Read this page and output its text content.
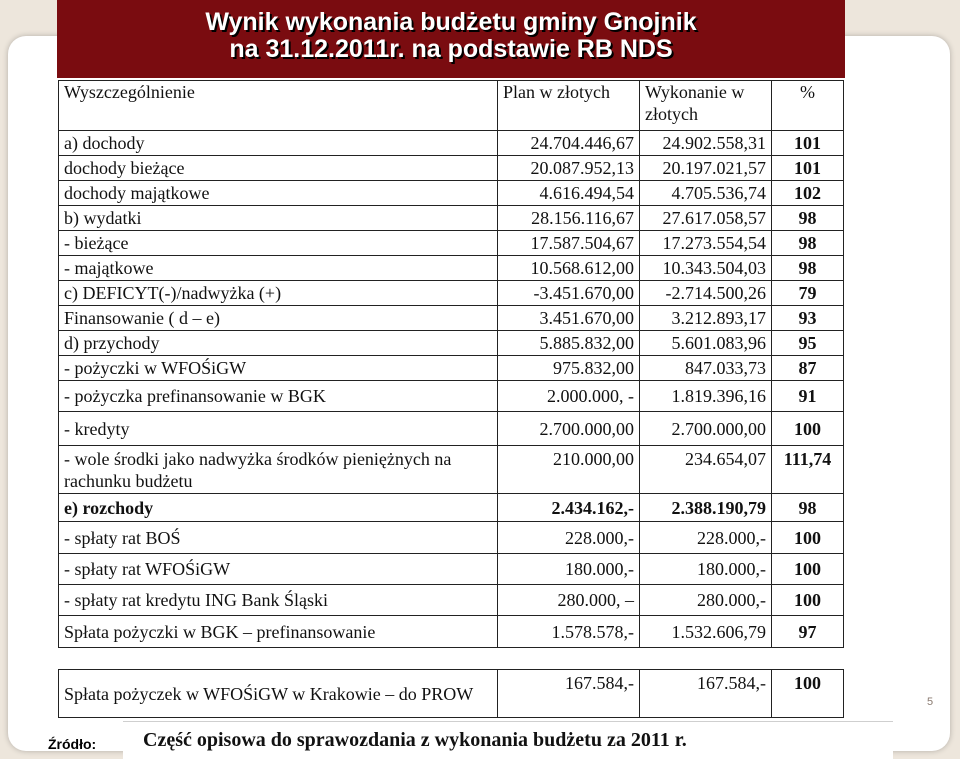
Wynik wykonania budżetu gminy Gnojnik
na 31.12.2011r. na podstawie RB NDS
Wyszczególnienie	Plan w złotych	Wykonanie w złotych	%
a) dochody	24.704.446,67	24.902.558,31	101
dochody bieżące	20.087.952,13	20.197.021,57	101
dochody majątkowe	4.616.494,54	4.705.536,74	102
b) wydatki	28.156.116,67	27.617.058,57	98
- bieżące	17.587.504,67	17.273.554,54	98
- majątkowe	10.568.612,00	10.343.504,03	98
c) DEFICYT(-)/nadwyżka (+)	-3.451.670,00	-2.714.500,26	79
Finansowanie ( d – e)	3.451.670,00	3.212.893,17	93
d) przychody	5.885.832,00	5.601.083,96	95
- pożyczki w WFOŚiGW	975.832,00	847.033,73	87
- pożyczka prefinansowanie w BGK	2.000.000, -	1.819.396,16	91
- kredyty	2.700.000,00	2.700.000,00	100
- wole środki jako nadwyżka środków pieniężnych na rachunku budżetu	210.000,00	234.654,07	111,74
e) rozchody	2.434.162,-	2.388.190,79	98
- spłaty rat BOŚ	228.000,-	228.000,-	100
- spłaty rat WFOŚiGW	180.000,-	180.000,-	100
- spłaty rat kredytu ING Bank Śląski	280.000, –	280.000,-	100
Spłata pożyczki w BGK – prefinansowanie	1.578.578,-	1.532.606,79	97
Spłata pożyczek w WFOŚiGW w Krakowie – do PROW	167.584,-	167.584,-	100
5
Źródło: Część opisowa do sprawozdania z wykonania budżetu za 2011 r.
